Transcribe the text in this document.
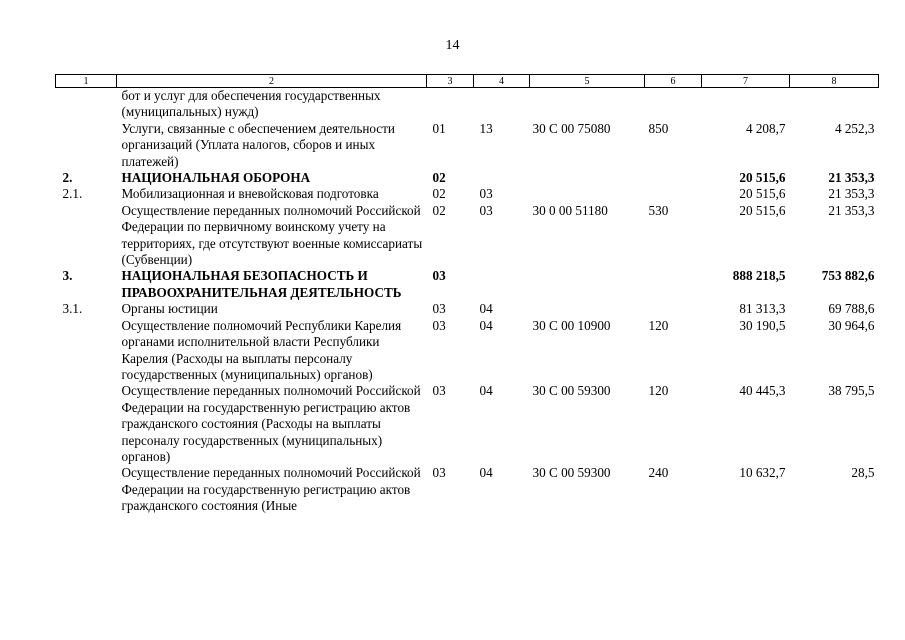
14
1	2	3	4	5	6	7	8
	бот и услуг для обеспечения государственных (муниципальных) нужд)						
	Услуги, связанные с обеспечением деятельности организаций (Уплата налогов, сборов и иных платежей)	01	13	30 С 00 75080	850	4 208,7	4 252,3
2.	НАЦИОНАЛЬНАЯ ОБОРОНА	02				20 515,6	21 353,3
2.1.	Мобилизационная и вневойсковая подготовка	02	03			20 515,6	21 353,3
	Осуществление переданных полномочий Российской Федерации по первичному воинскому учету на территориях, где отсутствуют военные комиссариаты (Субвенции)	02	03	30 0 00 51180	530	20 515,6	21 353,3
3.	НАЦИОНАЛЬНАЯ БЕЗОПАСНОСТЬ И ПРАВООХРАНИТЕЛЬНАЯ ДЕЯТЕЛЬНОСТЬ	03				888 218,5	753 882,6
3.1.	Органы юстиции	03	04			81 313,3	69 788,6
	Осуществление полномочий Республики Карелия органами исполнительной власти Республики Карелия (Расходы на выплаты персоналу государственных (муниципальных) органов)	03	04	30 С 00 10900	120	30 190,5	30 964,6
	Осуществление переданных полномочий Российской Федерации на государственную регистрацию актов гражданского состояния (Расходы на выплаты персоналу государственных (муниципальных) органов)	03	04	30 С 00 59300	120	40 445,3	38 795,5
	Осуществление переданных полномочий Российской Федерации на государственную регистрацию актов гражданского состояния (Иные	03	04	30 С 00 59300	240	10 632,7	28,5
